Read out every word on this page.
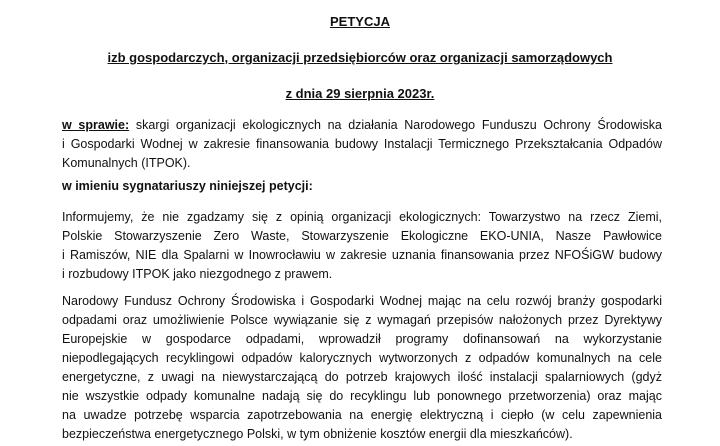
PETYCJA
izb gospodarczych, organizacji przedsiębiorców oraz organizacji samorządowych
z dnia 29 sierpnia 2023r.
w sprawie: skargi organizacji ekologicznych na działania Narodowego Funduszu Ochrony Środowiska
i Gospodarki Wodnej w zakresie finansowania budowy Instalacji Termicznego Przekształcania Odpadów
Komunalnych (ITPOK).
w imieniu sygnatariuszy niniejszej petycji:
Informujemy, że nie zgadzamy się z opinią organizacji ekologicznych: Towarzystwo na rzecz Ziemi,
Polskie Stowarzyszenie Zero Waste, Stowarzyszenie Ekologiczne EKO-UNIA, Nasze Pawłowice
i Ramiszów, NIE dla Spalarni w Inowrocławiu w zakresie uznania finansowania przez NFOŚiGW budowy
i rozbudowy ITPOK jako niezgodnego z prawem.
Narodowy Fundusz Ochrony Środowiska i Gospodarki Wodnej mając na celu rozwój branży gospodarki
odpadami oraz umożliwienie Polsce wywiązanie się z wymagań przepisów nałożonych przez Dyrektywy
Europejskie w gospodarce odpadami, wprowadził programy dofinansowań na wykorzystanie
niepodlegających recyklingowi odpadów kalorycznych wytworzonych z odpadów komunalnych na cele
energetyczne, z uwagi na niewystarczającą do potrzeb krajowych ilość instalacji spalarniowych (gdyż
nie wszystkie odpady komunalne nadają się do recyklingu lub ponownego przetworzenia) oraz mając
na uwadze potrzebę wsparcia zapotrzebowania na energię elektryczną i ciepło (w celu zapewnienia
bezpieczeństwa energetycznego Polski, w tym obniżenie kosztów energii dla mieszkańców).
